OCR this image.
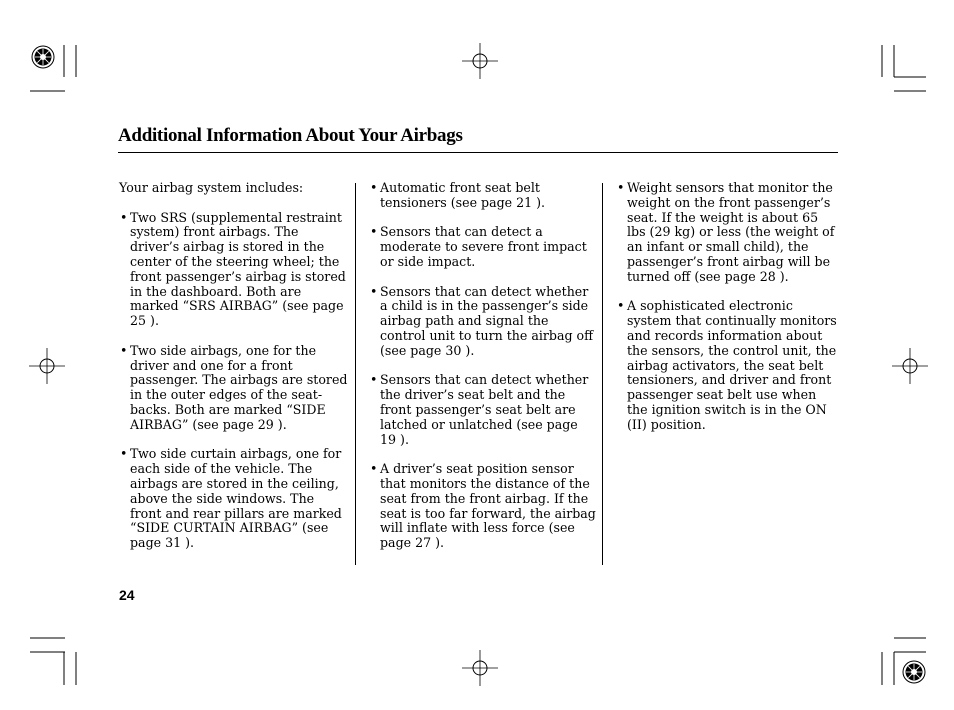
Additional Information About Your Airbags

Your airbag system includes:

• Two SRS (supplemental restraint system) front airbags. The driver’s airbag is stored in the center of the steering wheel; the front passenger’s airbag is stored in the dashboard. Both are marked “SRS AIRBAG” (see page 25 ).
• Two side airbags, one for the driver and one for a front passenger. The airbags are stored in the outer edges of the seat-backs. Both are marked “SIDE AIRBAG” (see page 29 ).
• Two side curtain airbags, one for each side of the vehicle. The airbags are stored in the ceiling, above the side windows. The front and rear pillars are marked “SIDE CURTAIN AIRBAG” (see page 31 ).
• Automatic front seat belt tensioners (see page 21 ).
• Sensors that can detect a moderate to severe front impact or side impact.
• Sensors that can detect whether a child is in the passenger’s side airbag path and signal the control unit to turn the airbag off (see page 30 ).
• Sensors that can detect whether the driver’s seat belt and the front passenger’s seat belt are latched or unlatched (see page 19 ).
• A driver’s seat position sensor that monitors the distance of the seat from the front airbag. If the seat is too far forward, the airbag will inflate with less force (see page 27 ).
• Weight sensors that monitor the weight on the front passenger’s seat. If the weight is about 65 lbs (29 kg) or less (the weight of an infant or small child), the passenger’s front airbag will be turned off (see page 28 ).
• A sophisticated electronic system that continually monitors and records information about the sensors, the control unit, the airbag activators, the seat belt tensioners, and driver and front passenger seat belt use when the ignition switch is in the ON (II) position.
24
